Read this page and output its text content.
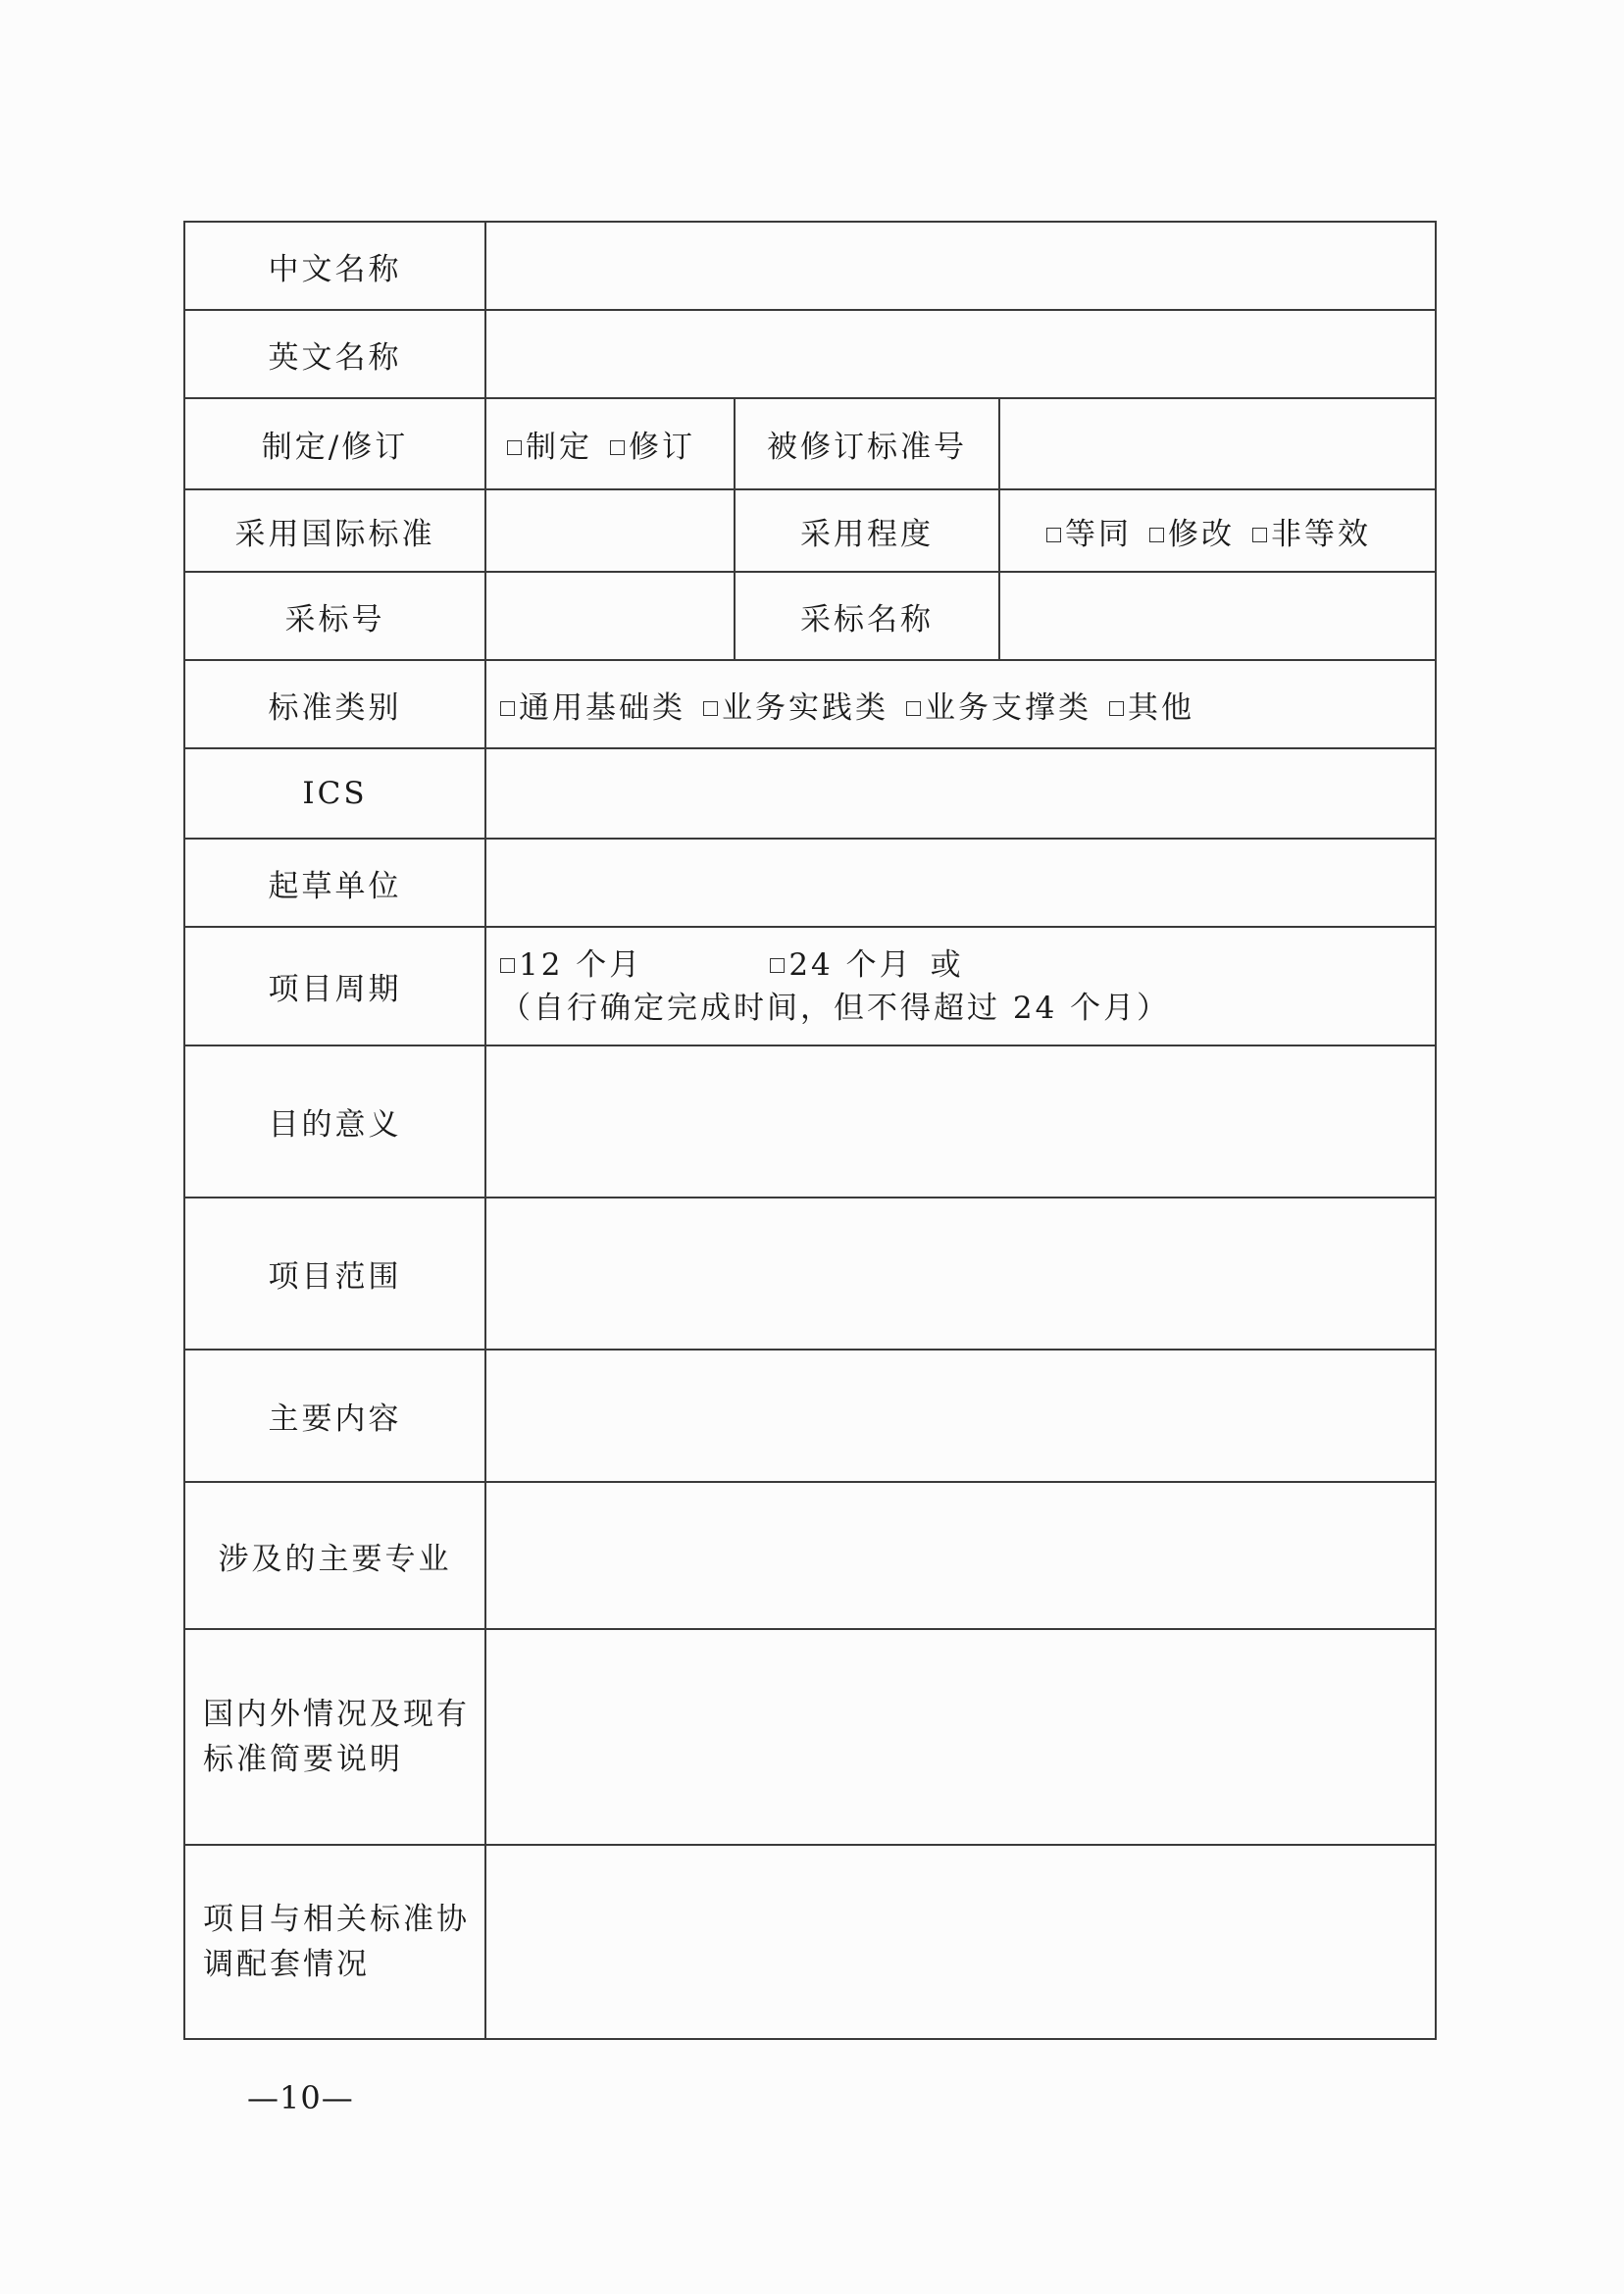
中文名称			
英文名称			
制定/修订	制定 修订	被修订标准号	
采用国际标准		采用程度	等同 修改 非等效
采标号		采标名称	
标准类别	通用基础类 业务实践类 业务支撑类 其他		
ICS			
起草单位			
项目周期	12 个月 24 个月 或
（自行确定完成时间，但不得超过 24 个月）		

目的意义			
项目范围			
主要内容			
涉及的主要专业			

国内外情况及现有
标准简要说明			

项目与相关标准协
调配套情况			

—10—
